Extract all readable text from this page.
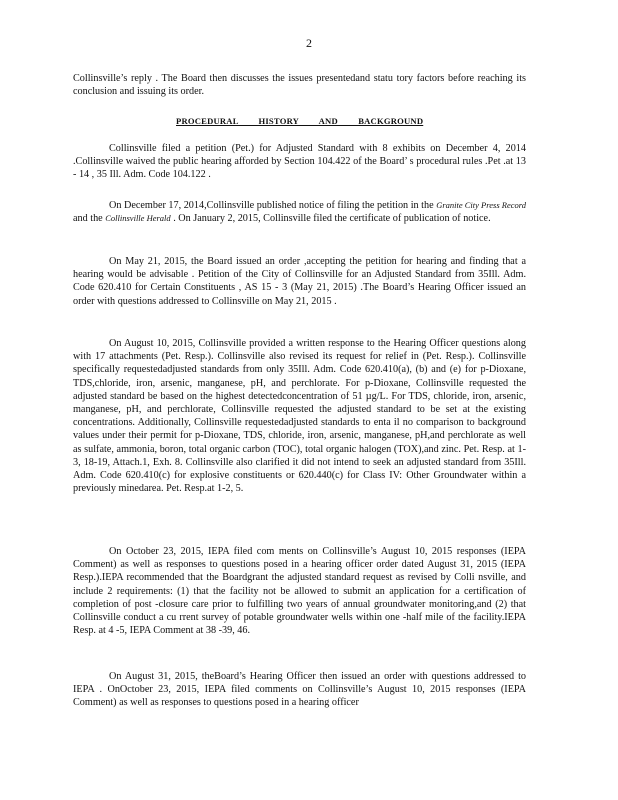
2

Collinsville’s reply . The Board then discusses the issues presentedand statu tory factors before reaching its conclusion and issuing its order.

PROCEDURAL HISTORY AND BACKGROUND

Collinsville filed a petition (Pet.) for Adjusted Standard with 8 exhibits on December 4, 2014 .Collinsville waived the public hearing afforded by Section 104.422 of the Board’ s procedural rules .Pet .at 13 - 14 , 35 Ill. Adm. Code 104.122 .

On December 17, 2014,Collinsville published notice of filing the petition in the Granite City Press Record and the Collinsville Herald . On January 2, 2015, Collinsville filed the certificate of publication of notice.

On May 21, 2015, the Board issued an order ,accepting the petition for hearing and finding that a hearing would be advisable . Petition of the City of Collinsville for an Adjusted Standard from 35Ill. Adm. Code 620.410 for Certain Constituents , AS 15 - 3 (May 21, 2015) .The Board’s Hearing Officer issued an order with questions addressed to Collinsville on May 21, 2015 .

On August 10, 2015, Collinsville provided a written response to the Hearing Officer questions along with 17 attachments (Pet. Resp.). Collinsville also revised its request for relief in (Pet. Resp.). Collinsville specifically requestedadjusted standards from only 35Ill. Adm. Code 620.410(a), (b) and (e) for p-Dioxane, TDS,chloride, iron, arsenic, manganese, pH, and perchlorate. For p-Dioxane, Collinsville requested the adjusted standard be based on the highest detectedconcentration of 51 µg/L. For TDS, chloride, iron, arsenic, manganese, pH, and perchlorate, Collinsville requested the adjusted standard to be set at the existing concentrations. Additionally, Collinsville requestedadjusted standards to enta il no comparison to background values under their permit for p-Dioxane, TDS, chloride, iron, arsenic, manganese, pH,and perchlorate as well as sulfate, ammonia, boron, total organic carbon (TOC), total organic halogen (TOX),and zinc. Pet. Resp. at 1-3, 18-19, Attach.1, Exh. 8. Collinsville also clarified it did not intend to seek an adjusted standard from 35Ill. Adm. Code 620.410(c) for explosive constituents or 620.440(c) for Class IV: Other Groundwater within a previously minedarea. Pet. Resp.at 1-2, 5.

On October 23, 2015, IEPA filed com ments on Collinsville’s August 10, 2015 responses (IEPA Comment) as well as responses to questions posed in a hearing officer order dated August 31, 2015 (IEPA Resp.).IEPA recommended that the Boardgrant the adjusted standard request as revised by Colli nsville, and include 2 requirements: (1) that the facility not be allowed to submit an application for a certification of completion of post -closure care prior to fulfilling two years of annual groundwater monitoring,and (2) that Collinsville conduct a cu rrent survey of potable groundwater wells within one -half mile of the facility.IEPA Resp. at 4 -5, IEPA Comment at 38 -39, 46.

On August 31, 2015, theBoard’s Hearing Officer then issued an order with questions addressed to IEPA . OnOctober 23, 2015, IEPA filed comments on Collinsville’s August 10, 2015 responses (IEPA Comment) as well as responses to questions posed in a hearing officer
